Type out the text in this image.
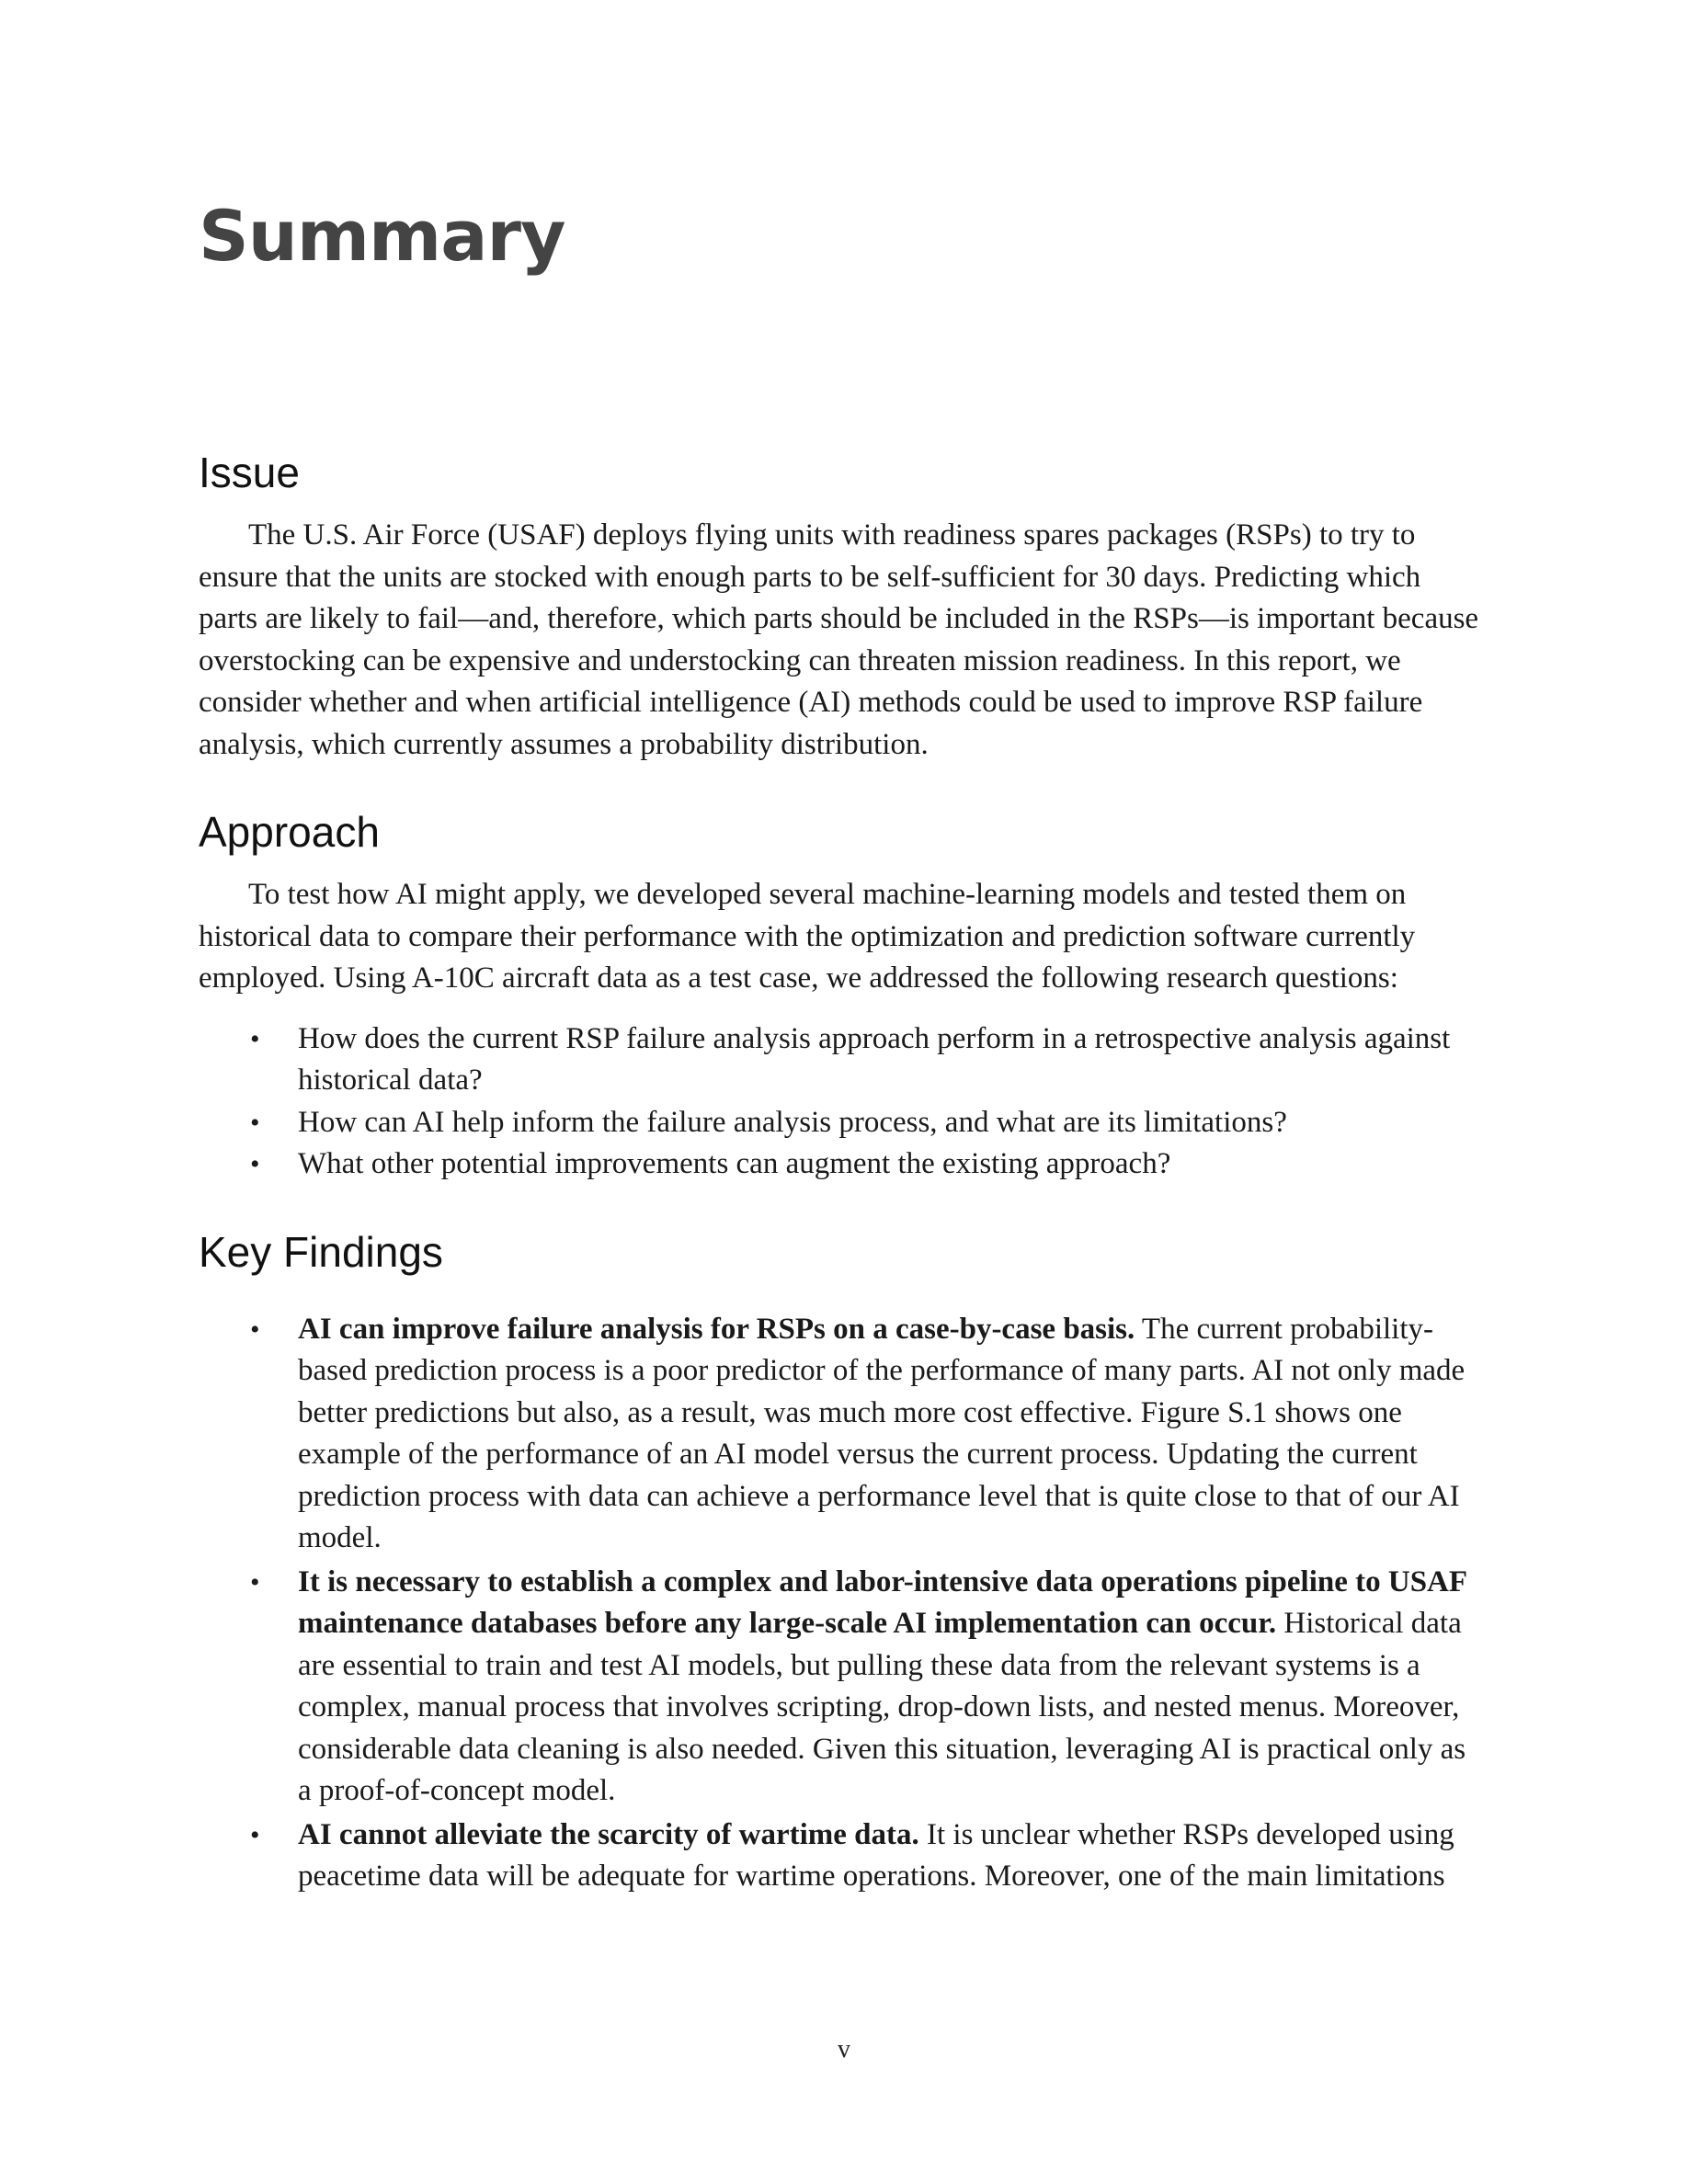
Summary
Issue

The U.S. Air Force (USAF) deploys flying units with readiness spares packages (RSPs) to try to ensure that the units are stocked with enough parts to be self-sufficient for 30 days. Predicting which parts are likely to fail—and, therefore, which parts should be included in the RSPs—is important because overstocking can be expensive and understocking can threaten mission readiness. In this report, we consider whether and when artificial intelligence (AI) methods could be used to improve RSP failure analysis, which currently assumes a probability distribution.

Approach

To test how AI might apply, we developed several machine-learning models and tested them on historical data to compare their performance with the optimization and prediction software currently employed. Using A-10C aircraft data as a test case, we addressed the following research questions:

• How does the current RSP failure analysis approach perform in a retrospective analysis against historical data?
• How can AI help inform the failure analysis process, and what are its limitations?
• What other potential improvements can augment the existing approach?
Key Findings
• AI can improve failure analysis for RSPs on a case-by-case basis. The current probability-based prediction process is a poor predictor of the performance of many parts. AI not only made better predictions but also, as a result, was much more cost effective. Figure S.1 shows one example of the performance of an AI model versus the current process. Updating the current prediction process with data can achieve a performance level that is quite close to that of our AI model.
• It is necessary to establish a complex and labor-intensive data operations pipeline to USAF maintenance databases before any large-scale AI implementation can occur. Historical data are essential to train and test AI models, but pulling these data from the relevant systems is a complex, manual process that involves scripting, drop-down lists, and nested menus. Moreover, considerable data cleaning is also needed. Given this situation, leveraging AI is practical only as a proof-of-concept model.
• AI cannot alleviate the scarcity of wartime data. It is unclear whether RSPs developed using peacetime data will be adequate for wartime operations. Moreover, one of the main limitations
v
